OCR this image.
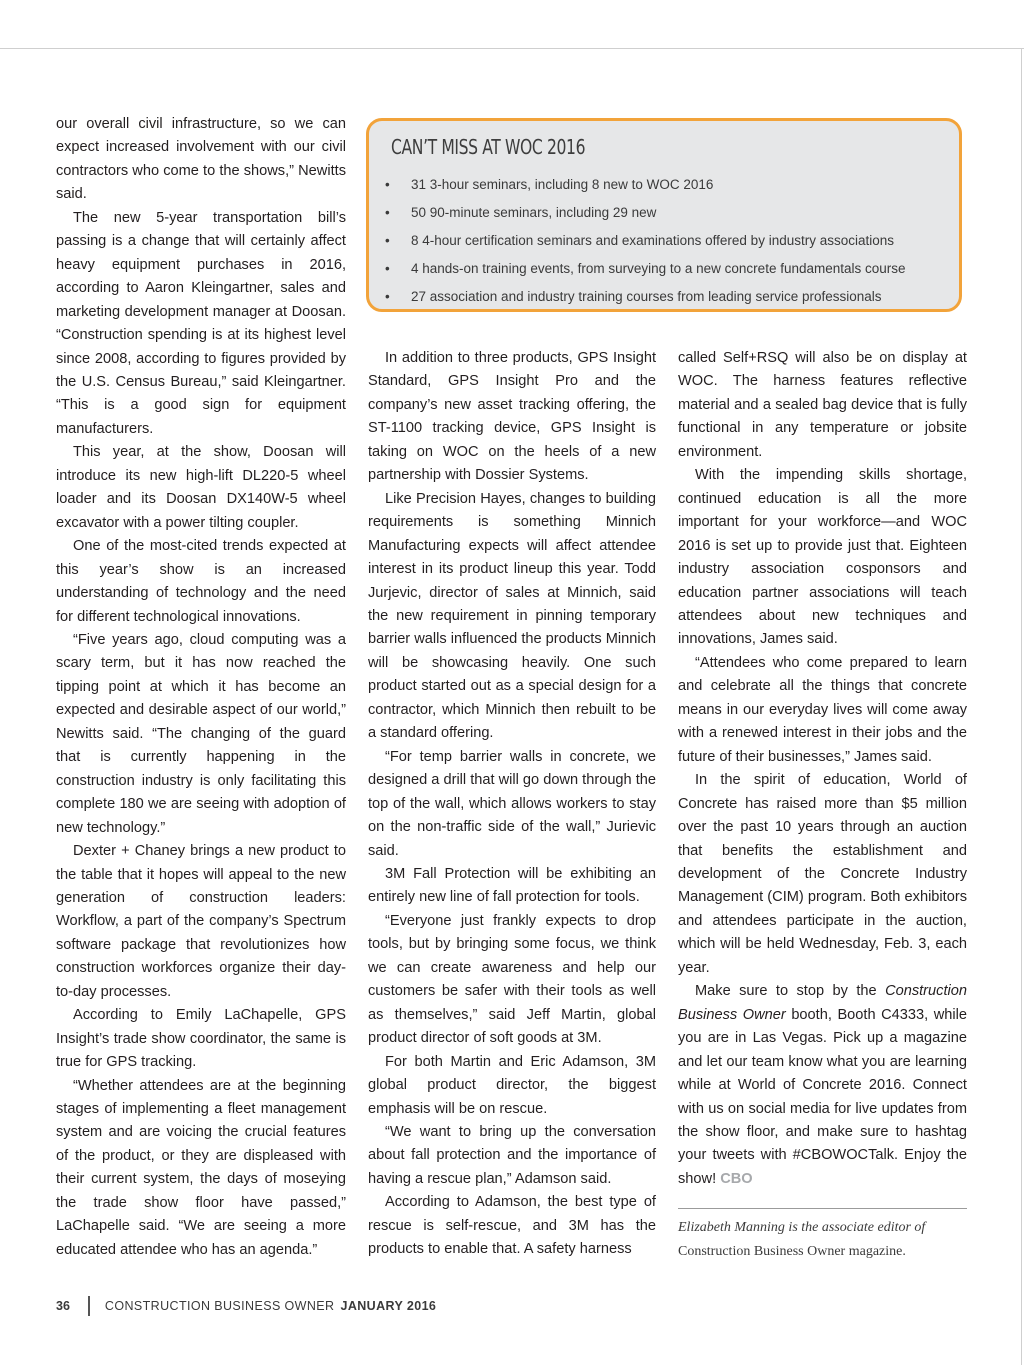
our overall civil infrastructure, so we can expect increased involvement with our civil contractors who come to the shows,” Newitts said.

The new 5-year transportation bill’s passing is a change that will certainly affect heavy equipment purchases in 2016, according to Aaron Kleingartner, sales and marketing development manager at Doosan. “Construction spending is at its highest level since 2008, according to figures provided by the U.S. Census Bureau,” said Kleingartner. “This is a good sign for equipment manufacturers.

This year, at the show, Doosan will introduce its new high-lift DL220-5 wheel loader and its Doosan DX140W-5 wheel excavator with a power tilting coupler.

One of the most-cited trends expected at this year’s show is an increased understanding of technology and the need for different technological innovations.

“Five years ago, cloud computing was a scary term, but it has now reached the tipping point at which it has become an expected and desirable aspect of our world,” Newitts said. “The changing of the guard that is currently happening in the construction industry is only facilitating this complete 180 we are seeing with adoption of new technology.”

Dexter + Chaney brings a new product to the table that it hopes will appeal to the new generation of construction leaders: Workflow, a part of the company’s Spectrum software package that revolutionizes how construction workforces organize their day-to-day processes.

According to Emily LaChapelle, GPS Insight’s trade show coordinator, the same is true for GPS tracking.

“Whether attendees are at the beginning stages of implementing a fleet management system and are voicing the crucial features of the product, or they are displeased with their current system, the days of moseying the trade show floor have passed,” LaChapelle said. “We are seeing a more educated attendee who has an agenda.”

CAN’T MISS AT WOC 2016
• 31 3-hour seminars, including 8 new to WOC 2016
• 50 90-minute seminars, including 29 new
• 8 4-hour certification seminars and examinations offered by industry associations
• 4 hands-on training events, from surveying to a new concrete fundamentals course
• 27 association and industry training courses from leading service professionals

In addition to three products, GPS Insight Standard, GPS Insight Pro and the company’s new asset tracking offering, the ST-1100 tracking device, GPS Insight is taking on WOC on the heels of a new partnership with Dossier Systems.

Like Precision Hayes, changes to building requirements is something Minnich Manufacturing expects will affect attendee interest in its product lineup this year. Todd Jurjevic, director of sales at Minnich, said the new requirement in pinning temporary barrier walls influenced the products Minnich will be showcasing heavily. One such product started out as a special design for a contractor, which Minnich then rebuilt to be a standard offering.

“For temp barrier walls in concrete, we designed a drill that will go down through the top of the wall, which allows workers to stay on the non-traffic side of the wall,” Jurievic said.

3M Fall Protection will be exhibiting an entirely new line of fall protection for tools.

“Everyone just frankly expects to drop tools, but by bringing some focus, we think we can create awareness and help our customers be safer with their tools as well as themselves,” said Jeff Martin, global product director of soft goods at 3M.

For both Martin and Eric Adamson, 3M global product director, the biggest emphasis will be on rescue.

“We want to bring up the conversation about fall protection and the importance of having a rescue plan,” Adamson said.

According to Adamson, the best type of rescue is self-rescue, and 3M has the products to enable that. A safety harness

called Self+RSQ will also be on display at WOC. The harness features reflective material and a sealed bag device that is fully functional in any temperature or jobsite environment.

With the impending skills shortage, continued education is all the more important for your workforce—and WOC 2016 is set up to provide just that. Eighteen industry association cosponsors and education partner associations will teach attendees about new techniques and innovations, James said.

“Attendees who come prepared to learn and celebrate all the things that concrete means in our everyday lives will come away with a renewed interest in their jobs and the future of their businesses,” James said.

In the spirit of education, World of Concrete has raised more than $5 million over the past 10 years through an auction that benefits the establishment and development of the Concrete Industry Management (CIM) program. Both exhibitors and attendees participate in the auction, which will be held Wednesday, Feb. 3, each year.

Make sure to stop by the Construction Business Owner booth, Booth C4333, while you are in Las Vegas. Pick up a magazine and let our team know what you are learning while at World of Concrete 2016. Connect with us on social media for live updates from the show floor, and make sure to hashtag your tweets with #CBOWOCTalk. Enjoy the show! CBO

Elizabeth Manning is the associate editor of
Construction Business Owner magazine.
36	CONSTRUCTION BUSINESS OWNER JANUARY 2016
